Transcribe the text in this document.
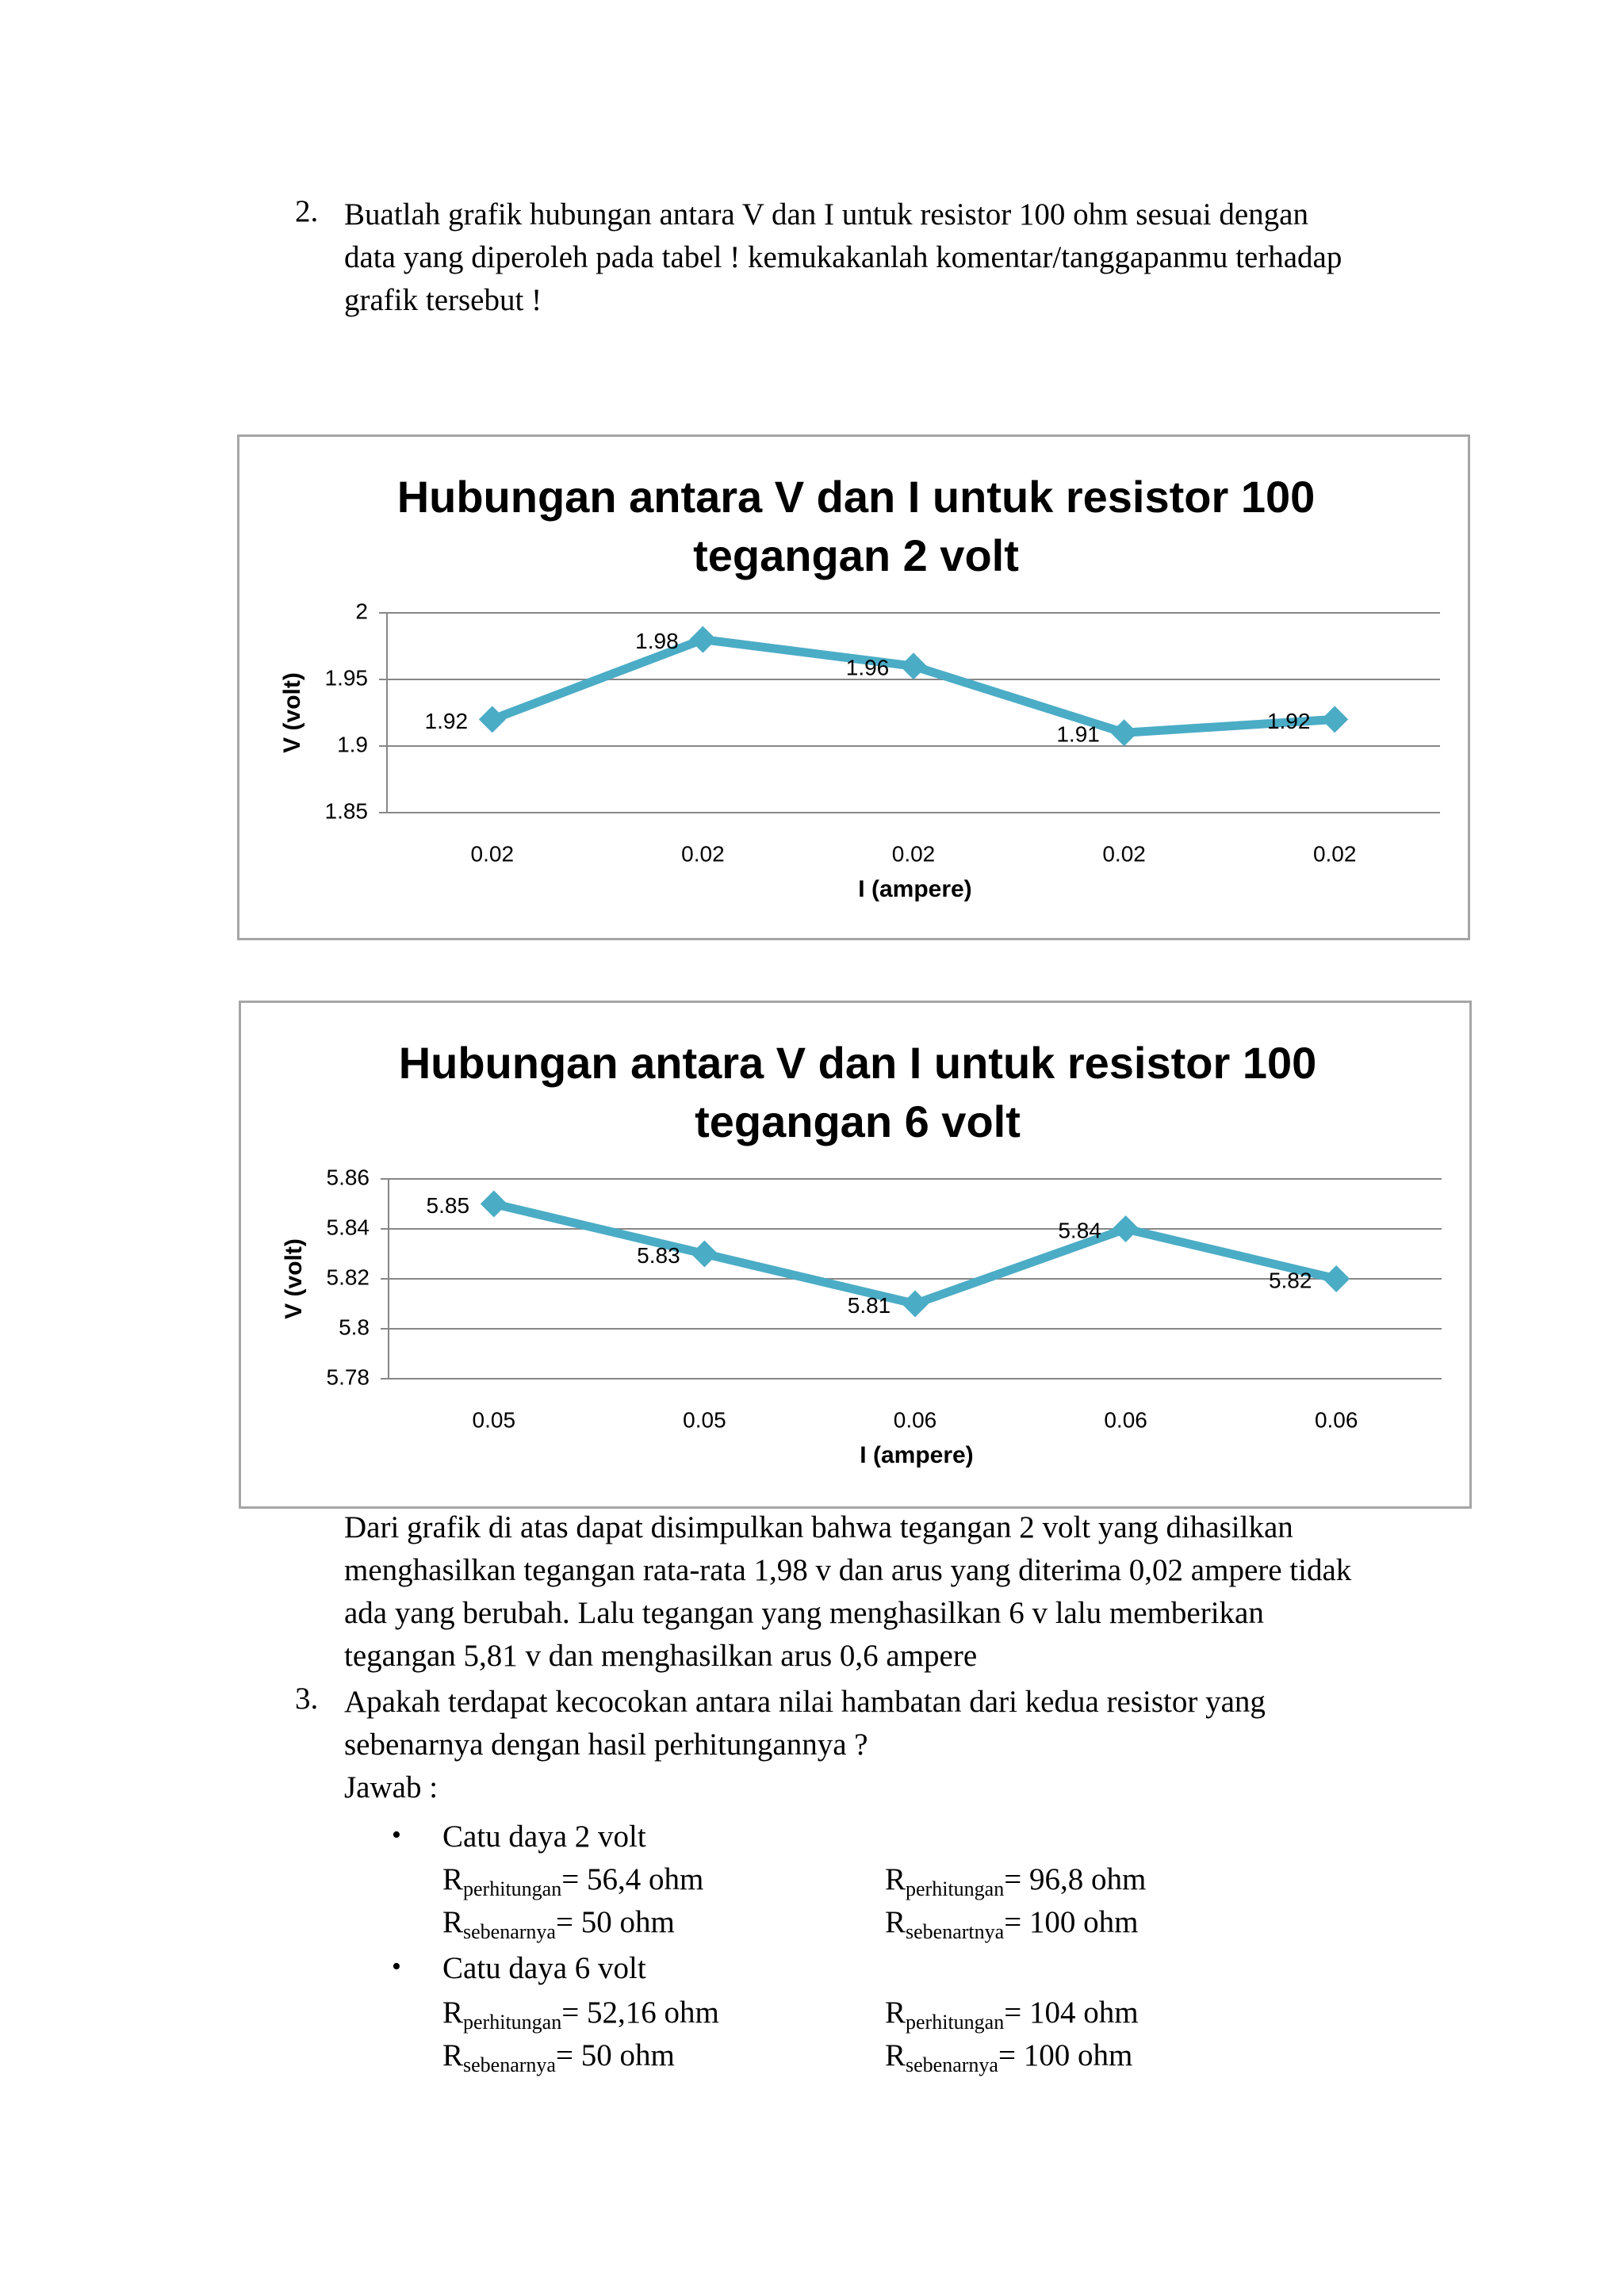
2. Buatlah grafik hubungan antara V dan I untuk resistor 100 ohm sesuai dengan
data yang diperoleh pada tabel ! kemukakanlah komentar/tanggapanmu terhadap
grafik tersebut !
Hubungan antara V dan I untuk resistor 100
tegangan 2 volt
1.85
1.9
1.95
2
0.02	0.02	0.02	0.02	0.02
I (ampere)
V (volt)	1.92
1.98
1.96
1.91
1.92
Hubungan antara V dan I untuk resistor 100
tegangan 6 volt
5.78
5.8
5.82
5.84
5.86
0.05	0.05	0.06	0.06	0.06
I (ampere)
V (volt)
5.85
5.83
5.81
5.84
5.82
Dari grafik di atas dapat disimpulkan bahwa tegangan 2 volt yang dihasilkan
menghasilkan tegangan rata-rata 1,98 v dan arus yang diterima 0,02 ampere tidak
ada yang berubah. Lalu tegangan yang menghasilkan 6 v lalu memberikan
tegangan 5,81 v dan menghasilkan arus 0,6 ampere
3. Apakah terdapat kecocokan antara nilai hambatan dari kedua resistor yang
sebenarnya dengan hasil perhitungannya ?
Jawab :
• Catu daya 2 volt
$R_{perhitungan}= 56,4$ ohm	$R_{perhitungan}= 96,8$ ohm
$R_{sebenarnya}= 50$ ohm	$R_{sebenartnya}= 100$ ohm
• Catu daya 6 volt
$R_{perhitungan}= 52,16$ ohm	$R_{perhitungan}= 104$ ohm
$R_{sebenarnya}= 50$ ohm	$R_{sebenarnya}= 100$ ohm
